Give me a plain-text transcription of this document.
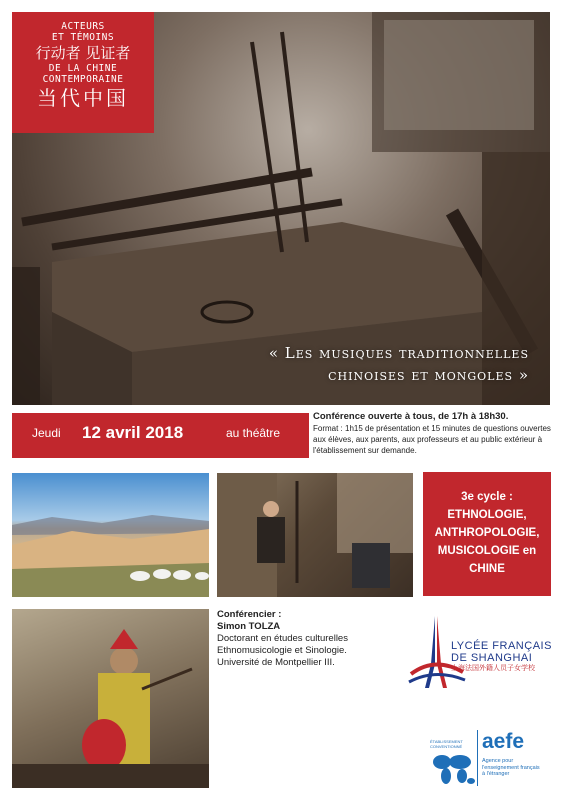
ACTEURS
ET TÉMOINS
行动者 见证者
DE LA CHINE
CONTEMPORAINE
当代中国
« Les musiques traditionnelles
chinoises et mongoles »
Jeudi 12 avril 2018	au théâtre
Conférence ouverte à tous, de 17h à 18h30.
Format : 1h15 de présentation et 15 minutes de questions ouvertes aux élèves, aux parents, aux professeurs et au public extérieur à l'établissement sur demande.
3e cycle :
ETHNOLOGIE,
ANTHROPOLOGIE,
MUSICOLOGIE en
CHINE
Conférencier :
Simon TOLZA
Doctorant en études culturelles
Ethnomusicologie et Sinologie.
Université de Montpellier III.
LYCÉE FRANÇAIS
DE SHANGHAI
上海法国外籍人员子女学校
ÉTABLISSEMENT
CONVENTIONNÉ aefe
Agence pour
l'enseignement français
à l'étranger
